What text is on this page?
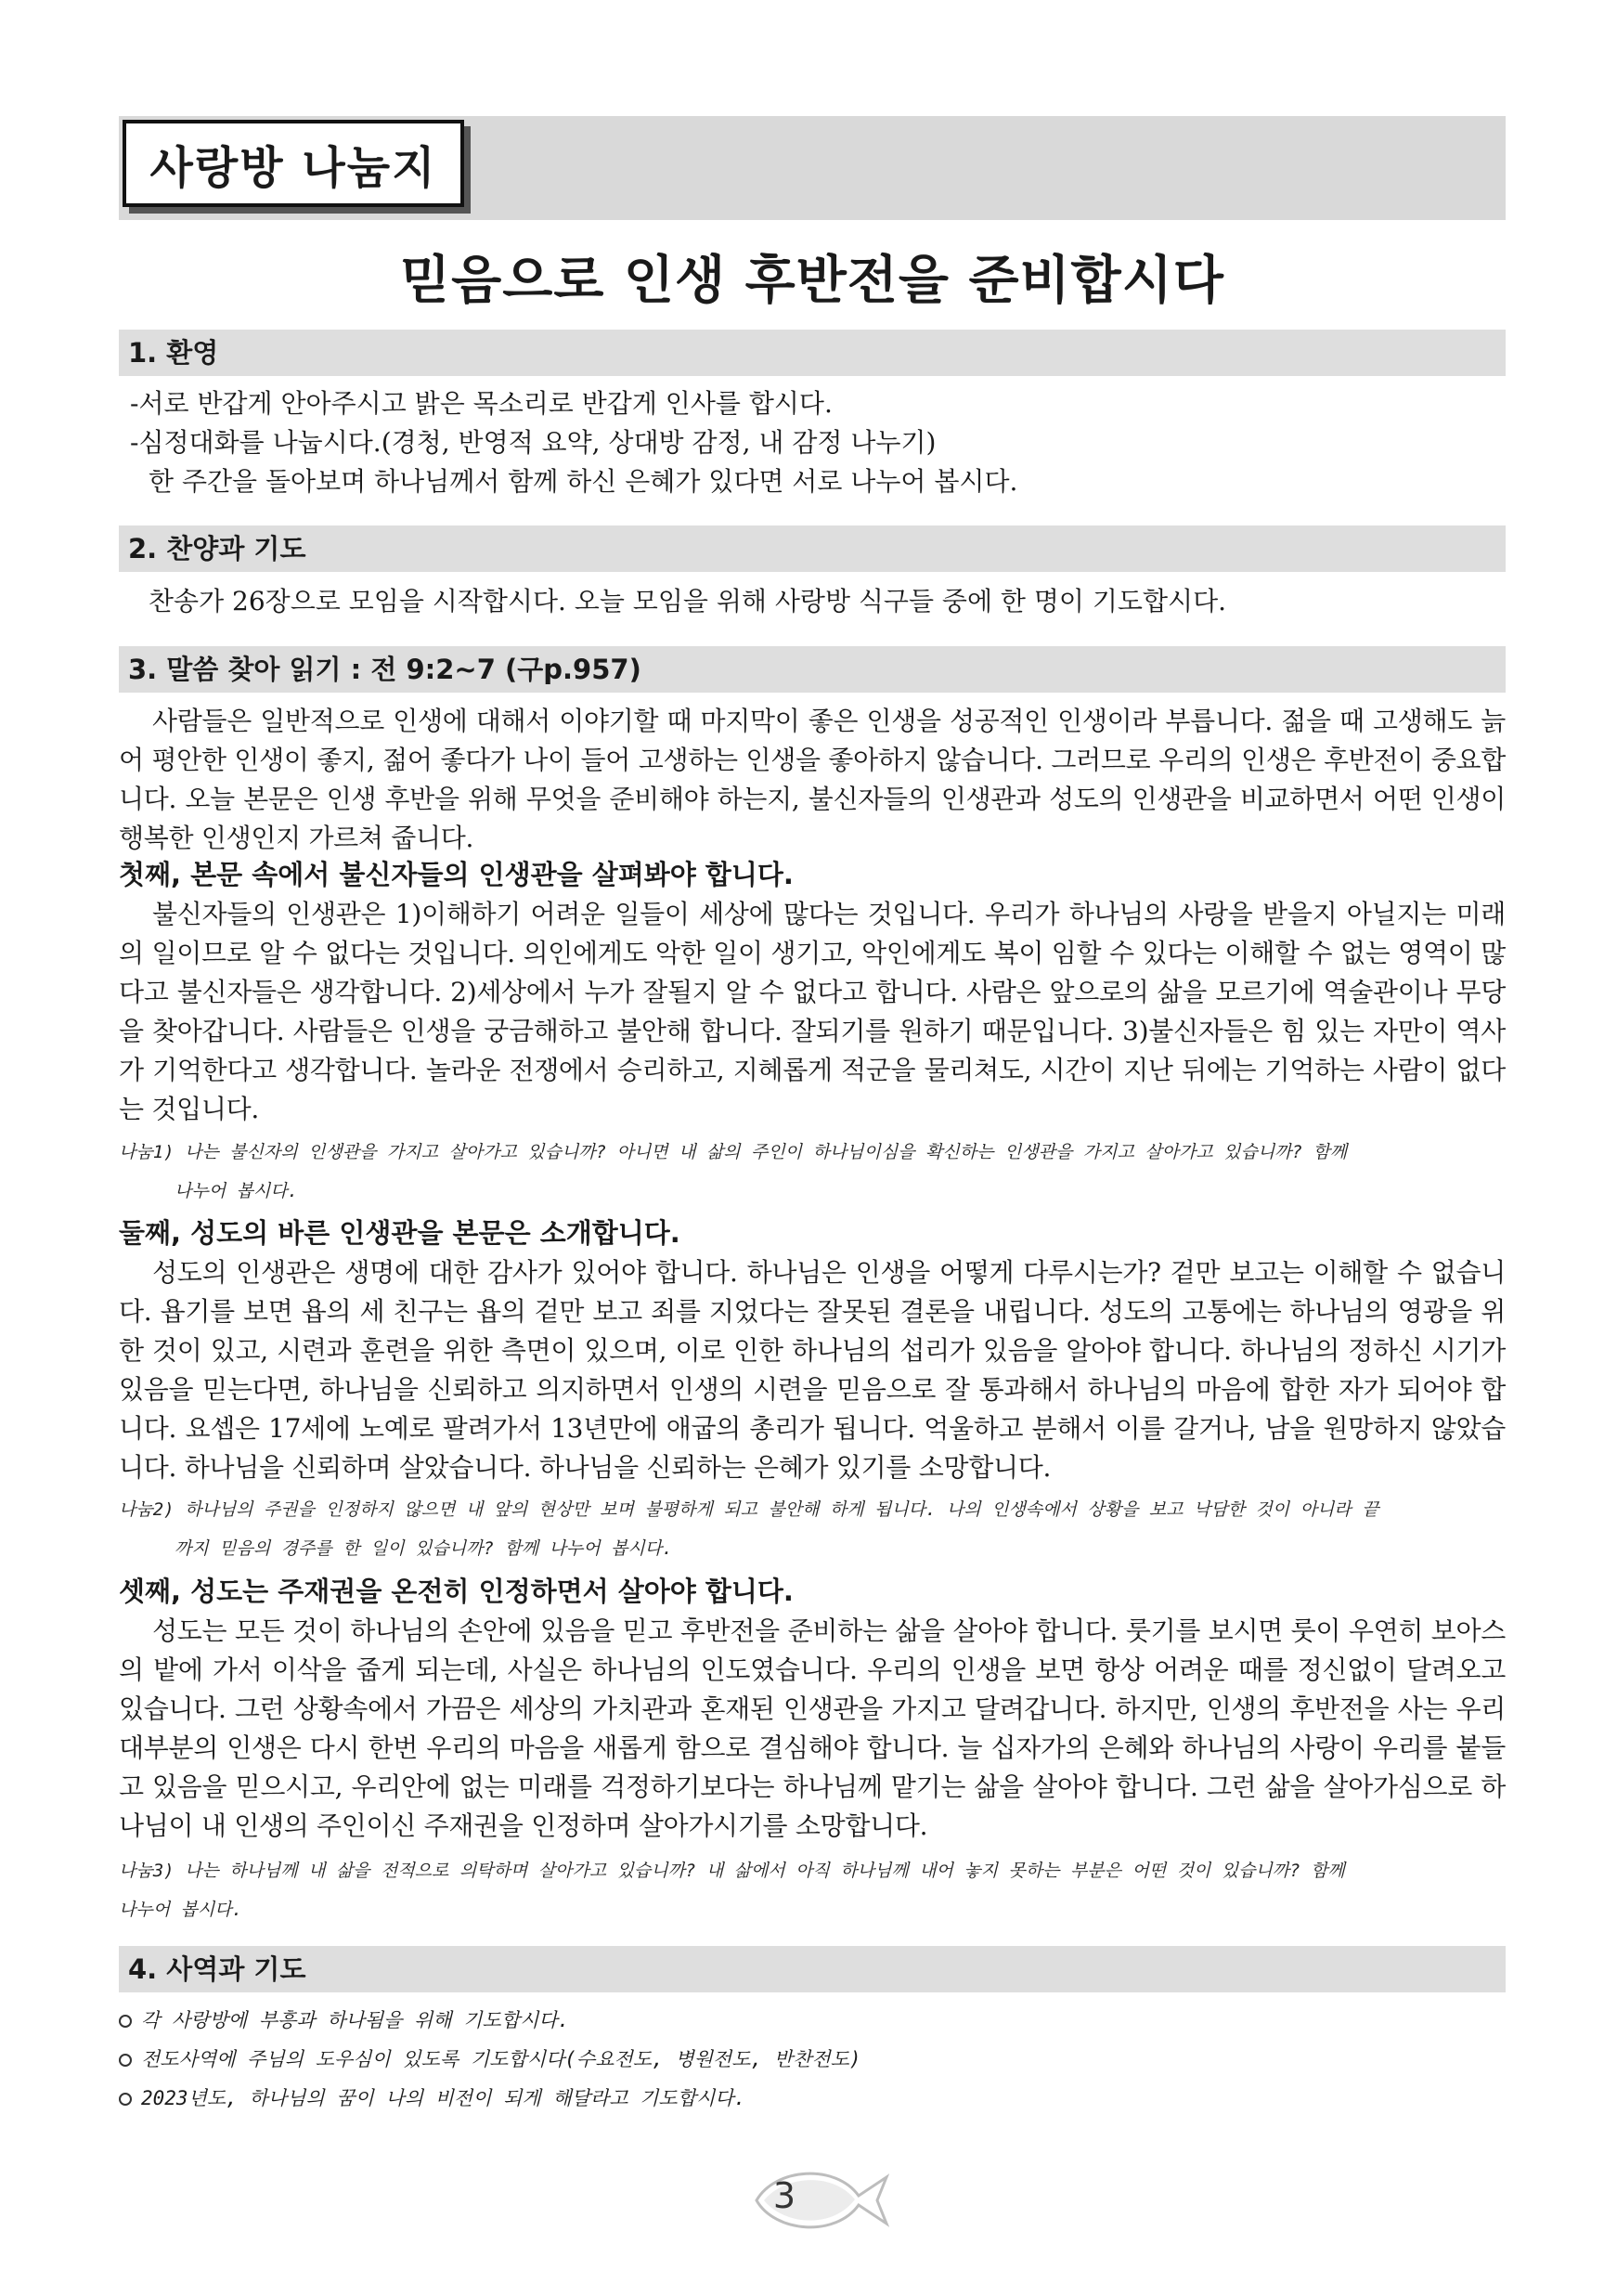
사랑방 나눔지
믿음으로 인생 후반전을 준비합시다
1. 환영
-서로 반갑게 안아주시고 밝은 목소리로 반갑게 인사를 합시다.
-심정대화를 나눕시다.(경청, 반영적 요약, 상대방 감정, 내 감정 나누기)
한 주간을 돌아보며 하나님께서 함께 하신 은혜가 있다면 서로 나누어 봅시다.
2. 찬양과 기도
찬송가 26장으로 모임을 시작합시다. 오늘 모임을 위해 사랑방 식구들 중에 한 명이 기도합시다.
3. 말씀 찾아 읽기 : 전 9:2~7 (구p.957)
사람들은 일반적으로 인생에 대해서 이야기할 때 마지막이 좋은 인생을 성공적인 인생이라 부릅니다. 젊을 때 고생해도 늙어 평안한 인생이 좋지, 젊어 좋다가 나이 들어 고생하는 인생을 좋아하지 않습니다. 그러므로 우리의 인생은 후반전이 중요합니다. 오늘 본문은 인생 후반을 위해 무엇을 준비해야 하는지, 불신자들의 인생관과 성도의 인생관을 비교하면서 어떤 인생이 행복한 인생인지 가르쳐 줍니다.
첫째, 본문 속에서 불신자들의 인생관을 살펴봐야 합니다.
불신자들의 인생관은 1)이해하기 어려운 일들이 세상에 많다는 것입니다. 우리가 하나님의 사랑을 받을지 아닐지는 미래의 일이므로 알 수 없다는 것입니다. 의인에게도 악한 일이 생기고, 악인에게도 복이 임할 수 있다는 이해할 수 없는 영역이 많다고 불신자들은 생각합니다. 2)세상에서 누가 잘될지 알 수 없다고 합니다. 사람은 앞으로의 삶을 모르기에 역술관이나 무당을 찾아갑니다. 사람들은 인생을 궁금해하고 불안해 합니다. 잘되기를 원하기 때문입니다. 3)불신자들은 힘 있는 자만이 역사가 기억한다고 생각합니다. 놀라운 전쟁에서 승리하고, 지혜롭게 적군을 물리쳐도, 시간이 지난 뒤에는 기억하는 사람이 없다는 것입니다.
나눔1) 나는 불신자의 인생관을 가지고 살아가고 있습니까? 아니면 내 삶의 주인이 하나님이심을 확신하는 인생관을 가지고 살아가고 있습니까? 함께
나누어 봅시다.
둘째, 성도의 바른 인생관을 본문은 소개합니다.
성도의 인생관은 생명에 대한 감사가 있어야 합니다. 하나님은 인생을 어떻게 다루시는가? 겉만 보고는 이해할 수 없습니다. 욥기를 보면 욥의 세 친구는 욥의 겉만 보고 죄를 지었다는 잘못된 결론을 내립니다. 성도의 고통에는 하나님의 영광을 위한 것이 있고, 시련과 훈련을 위한 측면이 있으며, 이로 인한 하나님의 섭리가 있음을 알아야 합니다. 하나님의 정하신 시기가 있음을 믿는다면, 하나님을 신뢰하고 의지하면서 인생의 시련을 믿음으로 잘 통과해서 하나님의 마음에 합한 자가 되어야 합니다. 요셉은 17세에 노예로 팔려가서 13년만에 애굽의 총리가 됩니다. 억울하고 분해서 이를 갈거나, 남을 원망하지 않았습니다. 하나님을 신뢰하며 살았습니다. 하나님을 신뢰하는 은혜가 있기를 소망합니다.
나눔2) 하나님의 주권을 인정하지 않으면 내 앞의 현상만 보며 불평하게 되고 불안해 하게 됩니다. 나의 인생속에서 상황을 보고 낙담한 것이 아니라 끝
까지 믿음의 경주를 한 일이 있습니까? 함께 나누어 봅시다.
셋째, 성도는 주재권을 온전히 인정하면서 살아야 합니다.
성도는 모든 것이 하나님의 손안에 있음을 믿고 후반전을 준비하는 삶을 살아야 합니다. 룻기를 보시면 룻이 우연히 보아스의 밭에 가서 이삭을 줍게 되는데, 사실은 하나님의 인도였습니다. 우리의 인생을 보면 항상 어려운 때를 정신없이 달려오고 있습니다. 그런 상황속에서 가끔은 세상의 가치관과 혼재된 인생관을 가지고 달려갑니다. 하지만, 인생의 후반전을 사는 우리 대부분의 인생은 다시 한번 우리의 마음을 새롭게 함으로 결심해야 합니다. 늘 십자가의 은혜와 하나님의 사랑이 우리를 붙들고 있음을 믿으시고, 우리안에 없는 미래를 걱정하기보다는 하나님께 맡기는 삶을 살아야 합니다. 그런 삶을 살아가심으로 하나님이 내 인생의 주인이신 주재권을 인정하며 살아가시기를 소망합니다.
나눔3) 나는 하나님께 내 삶을 전적으로 의탁하며 살아가고 있습니까? 내 삶에서 아직 하나님께 내어 놓지 못하는 부분은 어떤 것이 있습니까? 함께
나누어 봅시다.
4. 사역과 기도
각 사랑방에 부흥과 하나됨을 위해 기도합시다.
전도사역에 주님의 도우심이 있도록 기도합시다(수요전도, 병원전도, 반찬전도)
2023년도, 하나님의 꿈이 나의 비전이 되게 해달라고 기도합시다.
3
